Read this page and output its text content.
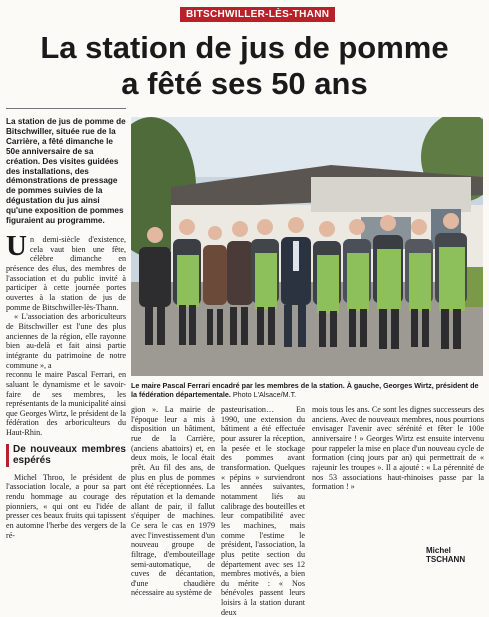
BITSCHWILLER-LÈS-THANN
La station de jus de pomme
a fêté ses 50 ans
La station de jus de pomme de Bitschwiller, située rue de la Carrière, a fêté dimanche le 50e anniversaire de sa création. Des visites guidées des installations, des démonstrations de pressage de pommes suivies de la dégustation du jus ainsi qu'une exposition de pommes figuraient au programme.
Le maire Pascal Ferrari encadré par les membres de la station. À gauche, Georges Wirtz, président de la fédération départementale. Photo L'Alsace/M.T.

Un demi-siècle d'existence, cela vaut bien une fête, célèbre dimanche en présence des élus, des membres de l'association et du public invité à participer à cette journée portes ouvertes à la station de jus de pomme de Bitschwiller-lès-Thann.

« L'association des arboriculteurs de Bitschwiller est l'une des plus anciennes de la région, elle rayonne bien au-delà et fait ainsi partie intégrante du patrimoine de notre commune », a

reconnu le maire Pascal Ferrari, en saluant le dynamisme et le savoir-faire de ses membres, les représentants de la municipalité ainsi que Georges Wirtz, le président de la fédération des arboriculteurs du Haut-Rhin.

De nouveaux membres espérés

Michel Throo, le président de l'association locale, a pour sa part rendu hommage au courage des pionniers, « qui ont eu l'idée de presser ces beaux fruits qui tapissent en automne l'herbe des vergers de la ré-

gion ». La mairie de l'époque leur a mis à disposition un bâtiment, rue de la Carrière, (anciens abattoirs) et, en deux mois, le local était prêt. Au fil des ans, de plus en plus de pommes ont été réceptionnées. La réputation et la demande allant de pair, il fallut s'équiper de machines. Ce sera le cas en 1979 avec l'investissement d'un nouveau groupe de filtrage, d'embouteillage semi-automatique, de cuves de décantation, d'une chaudière nécessaire au système de

pasteurisation… En 1990, une extension du bâtiment a été effectuée pour assurer la réception, la pesée et le stockage des pommes avant transformation. Quelques « pépins » surviendront les années suivantes, notamment liés au calibrage des bouteilles et leur compatibilité avec les machines, mais comme l'estime le président, l'association, la plus petite section du département avec ses 12 membres motivés, a bien du mérite : « Nos bénévoles passent leurs loisirs à la station durant deux

mois tous les ans. Ce sont les dignes successeurs des anciens. Avec de nouveaux membres, nous pourrions envisager l'avenir avec sérénité et fêter le 100e anniversaire ! » Georges Wirtz est ensuite intervenu pour rappeler la mise en place d'un nouveau cycle de formation (cinq jours par an) qui permettrait de « rajeunir les troupes ». Il a ajouté : « La pérennité de nos 53 associations haut-rhinoises passe par la formation ! »

Michel TSCHANN
